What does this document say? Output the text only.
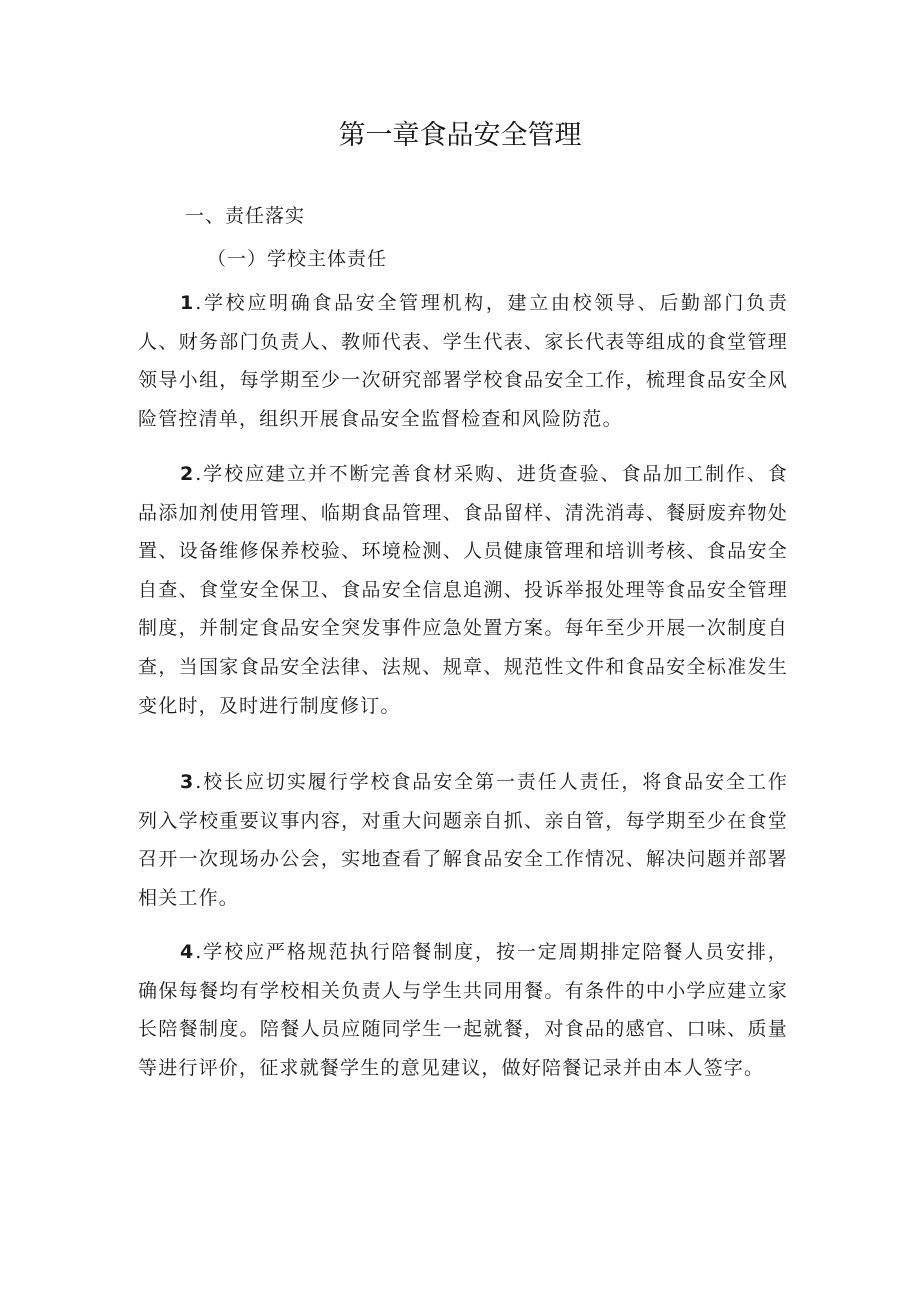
第一章食品安全管理
一、责任落实
（一）学校主体责任

1.学校应明确食品安全管理机构，建立由校领导、后勤部门负责人、财务部门负责人、教师代表、学生代表、家长代表等组成的食堂管理领导小组，每学期至少一次研究部署学校食品安全工作，梳理食品安全风险管控清单，组织开展食品安全监督检查和风险防范。

2.学校应建立并不断完善食材采购、进货查验、食品加工制作、食品添加剂使用管理、临期食品管理、食品留样、清洗消毒、餐厨废弃物处置、设备维修保养校验、环境检测、人员健康管理和培训考核、食品安全自查、食堂安全保卫、食品安全信息追溯、投诉举报处理等食品安全管理制度，并制定食品安全突发事件应急处置方案。每年至少开展一次制度自查，当国家食品安全法律、法规、规章、规范性文件和食品安全标准发生变化时，及时进行制度修订。

3.校长应切实履行学校食品安全第一责任人责任，将食品安全工作列入学校重要议事内容，对重大问题亲自抓、亲自管，每学期至少在食堂召开一次现场办公会，实地查看了解食品安全工作情况、解决问题并部署相关工作。

4.学校应严格规范执行陪餐制度，按一定周期排定陪餐人员安排，确保每餐均有学校相关负责人与学生共同用餐。有条件的中小学应建立家长陪餐制度。陪餐人员应随同学生一起就餐，对食品的感官、口味、质量等进行评价，征求就餐学生的意见建议，做好陪餐记录并由本人签字。
